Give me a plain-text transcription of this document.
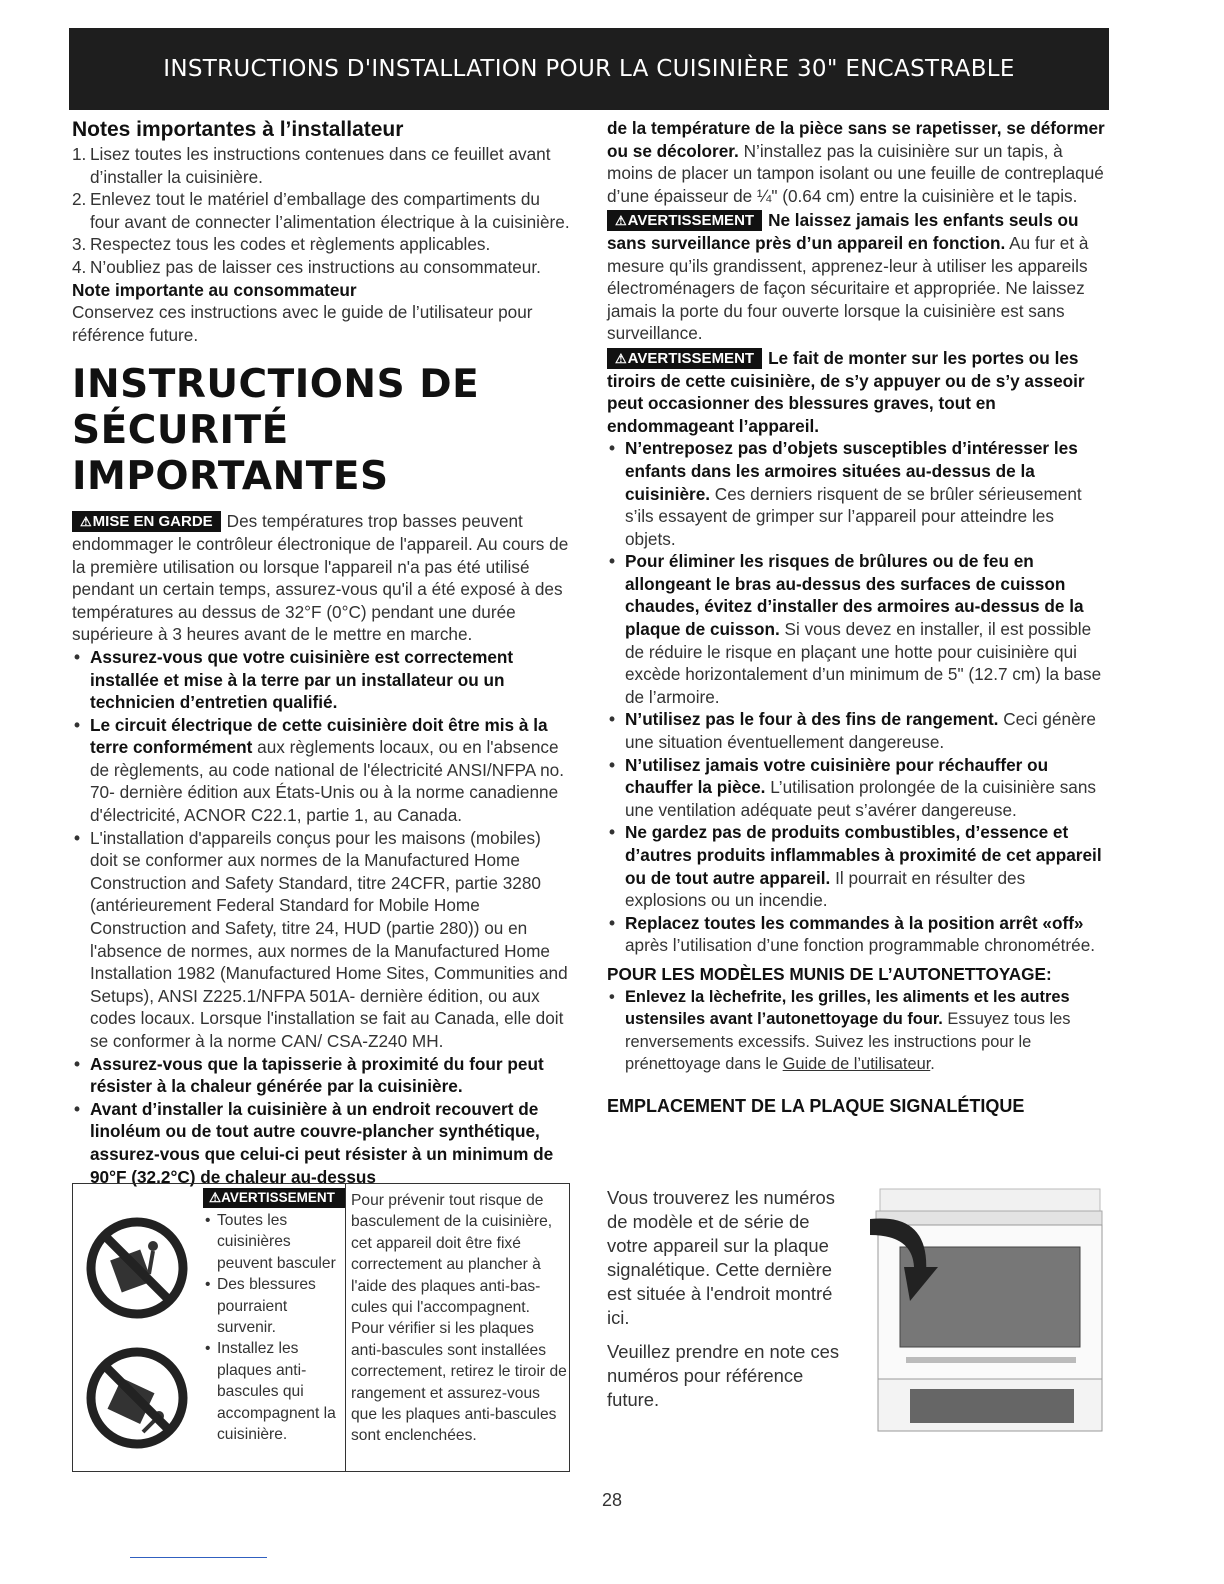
INSTRUCTIONS D'INSTALLATION POUR LA CUISINIÈRE 30" ENCASTRABLE
Notes importantes à l’installateur
1. Lisez toutes les instructions contenues dans ce feuillet avant d’installer la cuisinière.
2. Enlevez tout le matériel d’emballage des compartiments du four avant de connecter l’alimentation électrique à la cuisinière.
3. Respectez tous les codes et règlements applicables.
4. N’oubliez pas de laisser ces instructions au consommateur.
Note importante au consommateur
Conservez ces instructions avec le guide de l’utilisateur pour référence future.
INSTRUCTIONS DE
SÉCURITÉ IMPORTANTES
⚠MISE EN GARDE Des températures trop basses peuvent endommager le contrôleur électronique de l'appareil. Au cours de la première utilisation ou lorsque l'appareil n'a pas été utilisé pendant un certain temps, assurez-vous qu'il a été exposé à des températures au dessus de 32°F (0°C) pendant une durée supérieure à 3 heures avant de le mettre en marche.
• Assurez-vous que votre cuisinière est correctement installée et mise à la terre par un installateur ou un technicien d’entretien qualifié.
• Le circuit électrique de cette cuisinière doit être mis à la terre conformément aux règlements locaux, ou en l'absence de règlements, au code national de l'électricité ANSI/NFPA no. 70- dernière édition aux États-Unis ou à la norme canadienne d'électricité, ACNOR C22.1, partie 1, au Canada.
• L'installation d'appareils conçus pour les maisons (mobiles) doit se conformer aux normes de la Manufactured Home Construction and Safety Standard, titre 24CFR, partie 3280 (antérieurement Federal Standard for Mobile Home Construction and Safety, titre 24, HUD (partie 280)) ou en l'absence de normes, aux normes de la Manufactured Home Installation 1982 (Manufactured Home Sites, Communities and Setups), ANSI Z225.1/NFPA 501A- dernière édition, ou aux codes locaux. Lorsque l'installation se fait au Canada, elle doit se conformer à la norme CAN/ CSA-Z240 MH.
• Assurez-vous que la tapisserie à proximité du four peut résister à la chaleur générée par la cuisinière.
• Avant d’installer la cuisinière à un endroit recouvert de linoléum ou de tout autre couvre-plancher synthétique, assurez-vous que celui-ci peut résister à un minimum de 90°F (32.2°C) de chaleur au-dessus
⚠AVERTISSEMENT
• Toutes les cuisinières peuvent basculer
• Des blessures pourraient survenir.
• Installez les plaques anti-bascules qui accompagnent la cuisinière.
Pour prévenir tout risque de basculement de la cuisinière, cet appareil doit être fixé correctement au plancher à l'aide des plaques anti-bas-cules qui l'accompagnent. Pour vérifier si les plaques anti-bascules sont installées correctement, retirez le tiroir de rangement et assurez-vous que les plaques anti-bascules sont enclenchées.
de la température de la pièce sans se rapetisser, se déformer ou se décolorer. N’installez pas la cuisinière sur un tapis, à moins de placer un tampon isolant ou une feuille de contreplaqué d’une épaisseur de ¼" (0.64 cm) entre la cuisinière et le tapis.
⚠AVERTISSEMENT Ne laissez jamais les enfants seuls ou sans surveillance près d’un appareil en fonction. Au fur et à mesure qu’ils grandissent, apprenez-leur à utiliser les appareils électroménagers de façon sécuritaire et appropriée. Ne laissez jamais la porte du four ouverte lorsque la cuisinière est sans surveillance.
⚠AVERTISSEMENT Le fait de monter sur les portes ou les tiroirs de cette cuisinière, de s’y appuyer ou de s’y asseoir peut occasionner des blessures graves, tout en endommageant l’appareil.
• N’entreposez pas d’objets susceptibles d’intéresser les enfants dans les armoires situées au-dessus de la cuisinière. Ces derniers risquent de se brûler sérieusement s’ils essayent de grimper sur l’appareil pour atteindre les objets.
• Pour éliminer les risques de brûlures ou de feu en allongeant le bras au-dessus des surfaces de cuisson chaudes, évitez d’installer des armoires au-dessus de la plaque de cuisson. Si vous devez en installer, il est possible de réduire le risque en plaçant une hotte pour cuisinière qui excède horizontalement d’un minimum de 5" (12.7 cm) la base de l’armoire.
• N’utilisez pas le four à des fins de rangement. Ceci génère une situation éventuellement dangereuse.
• N’utilisez jamais votre cuisinière pour réchauffer ou chauffer la pièce. L’utilisation prolongée de la cuisinière sans une ventilation adéquate peut s’avérer dangereuse.
• Ne gardez pas de produits combustibles, d’essence et d’autres produits inflammables à proximité de cet appareil ou de tout autre appareil. Il pourrait en résulter des explosions ou un incendie.
• Replacez toutes les commandes à la position arrêt «off» après l’utilisation d’une fonction programmable chronométrée.
POUR LES MODÈLES MUNIS DE L’AUTONETTOYAGE:
• Enlevez la lèchefrite, les grilles, les aliments et les autres ustensiles avant l’autonettoyage du four. Essuyez tous les renversements excessifs. Suivez les instructions pour le prénettoyage dans le Guide de l’utilisateur.
EMPLACEMENT DE LA PLAQUE SIGNALÉTIQUE
Vous trouverez les numéros de modèle et de série de votre appareil sur la plaque signalétique. Cette dernière est située à l'endroit montré ici.
Veuillez prendre en note ces numéros pour référence future.
28
